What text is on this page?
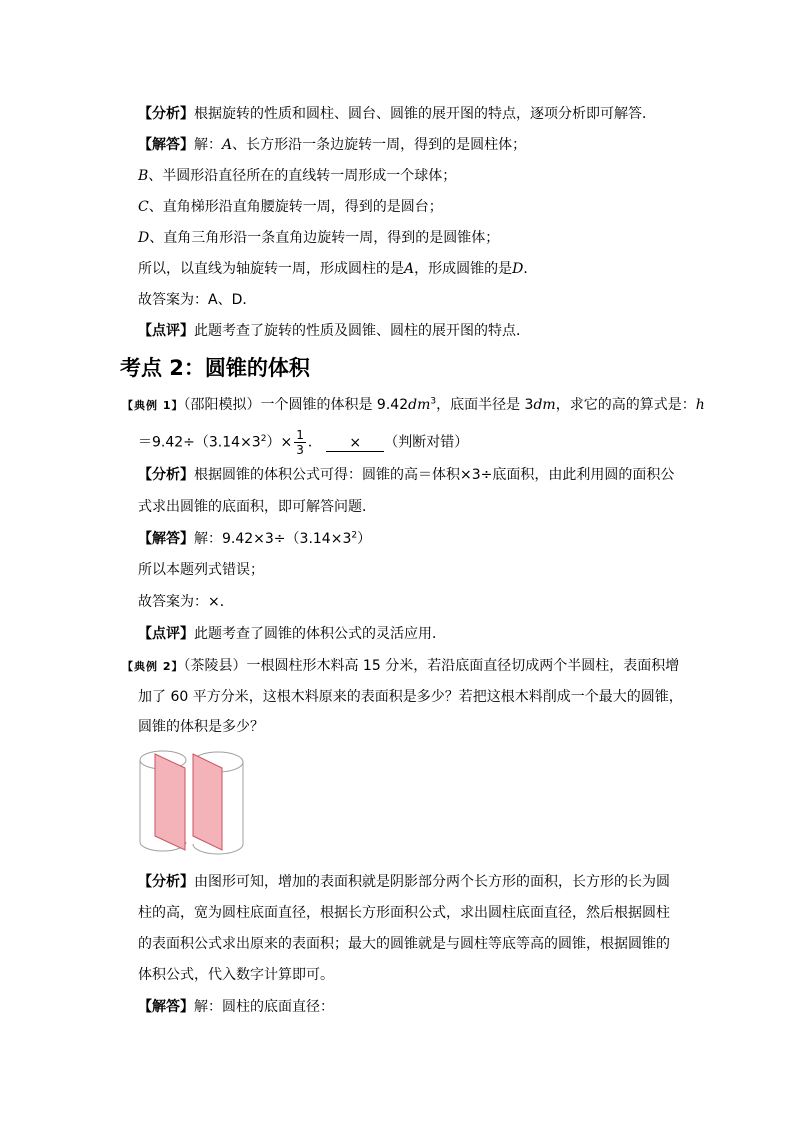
【分析】根据旋转的性质和圆柱、圆台、圆锥的展开图的特点，逐项分析即可解答．
【解答】解：A、长方形沿一条边旋转一周，得到的是圆柱体；
B、半圆形沿直径所在的直线转一周形成一个球体；
C、直角梯形沿直角腰旋转一周，得到的是圆台；
D、直角三角形沿一条直角边旋转一周，得到的是圆锥体；
所以，以直线为轴旋转一周，形成圆柱的是A，形成圆锥的是D．
故答案为：A、D．
【点评】此题考查了旋转的性质及圆锥、圆柱的展开图的特点．
考点 2：圆锥的体积
【典例 1】（邵阳模拟）一个圆锥的体积是 $9.42dm^3$，底面半径是 3dm，求它的高的算式是：h
$=9.42\div(3.14\times 3^2)\times \frac{1}{3}$ ． × （判断对错）
【分析】根据圆锥的体积公式可得：圆锥的高＝体积×3÷底面积，由此利用圆的面积公
式求出圆锥的底面积，即可解答问题．
【解答】解：$9.42\times 3\div(3.14\times 3^2)$
所以本题列式错误；
故答案为：×．
【点评】此题考查了圆锥的体积公式的灵活应用．
【典例 2】（茶陵县）一根圆柱形木料高 15 分米，若沿底面直径切成两个半圆柱，表面积增
加了 60 平方分米，这根木料原来的表面积是多少？若把这根木料削成一个最大的圆锥，
圆锥的体积是多少？
【分析】由图形可知，增加的表面积就是阴影部分两个长方形的面积，长方形的长为圆
柱的高，宽为圆柱底面直径，根据长方形面积公式，求出圆柱底面直径，然后根据圆柱
的表面积公式求出原来的表面积；最大的圆锥就是与圆柱等底等高的圆锥，根据圆锥的
体积公式，代入数字计算即可。
【解答】解：圆柱的底面直径：
